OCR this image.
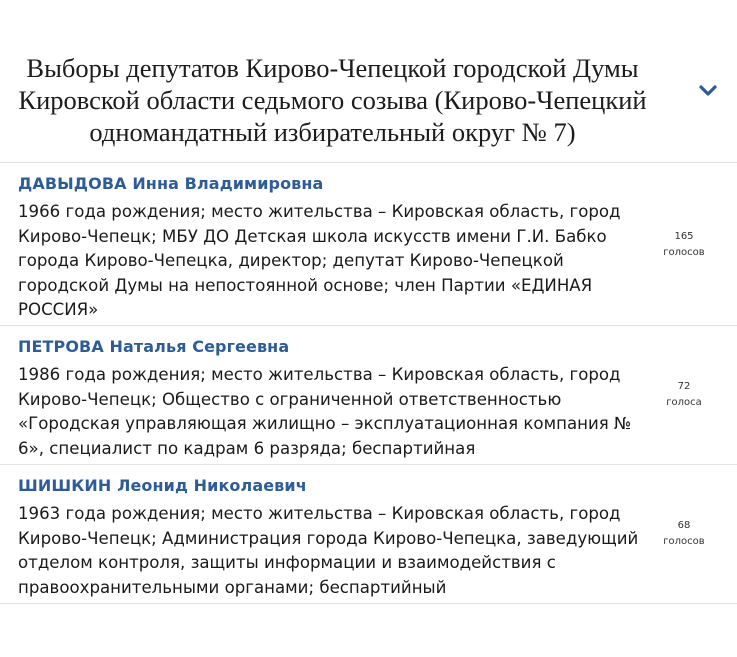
Выборы депутатов Кирово-Чепецкой городской Думы Кировской области седьмого созыва (Кирово-Чепецкий одномандатный избирательный округ № 7)
ДАВЫДОВА Инна Владимировна
1966 года рождения; место жительства – Кировская область, город Кирово-Чепецк; МБУ ДО Детская школа искусств имени Г.И. Бабко города Кирово-Чепецка, директор; депутат Кирово-Чепецкой городской Думы на непостоянной основе; член Партии «ЕДИНАЯ РОССИЯ»
165
голосов
ПЕТРОВА Наталья Сергеевна
1986 года рождения; место жительства – Кировская область, город Кирово-Чепецк; Общество с ограниченной ответственностью «Городская управляющая жилищно – эксплуатационная компания № 6», специалист по кадрам 6 разряда; беспартийная
72
голоса
ШИШКИН Леонид Николаевич
1963 года рождения; место жительства – Кировская область, город Кирово-Чепецк; Администрация города Кирово-Чепецка, заведующий отделом контроля, защиты информации и взаимодействия с правоохранительными органами; беспартийный
68
голосов
